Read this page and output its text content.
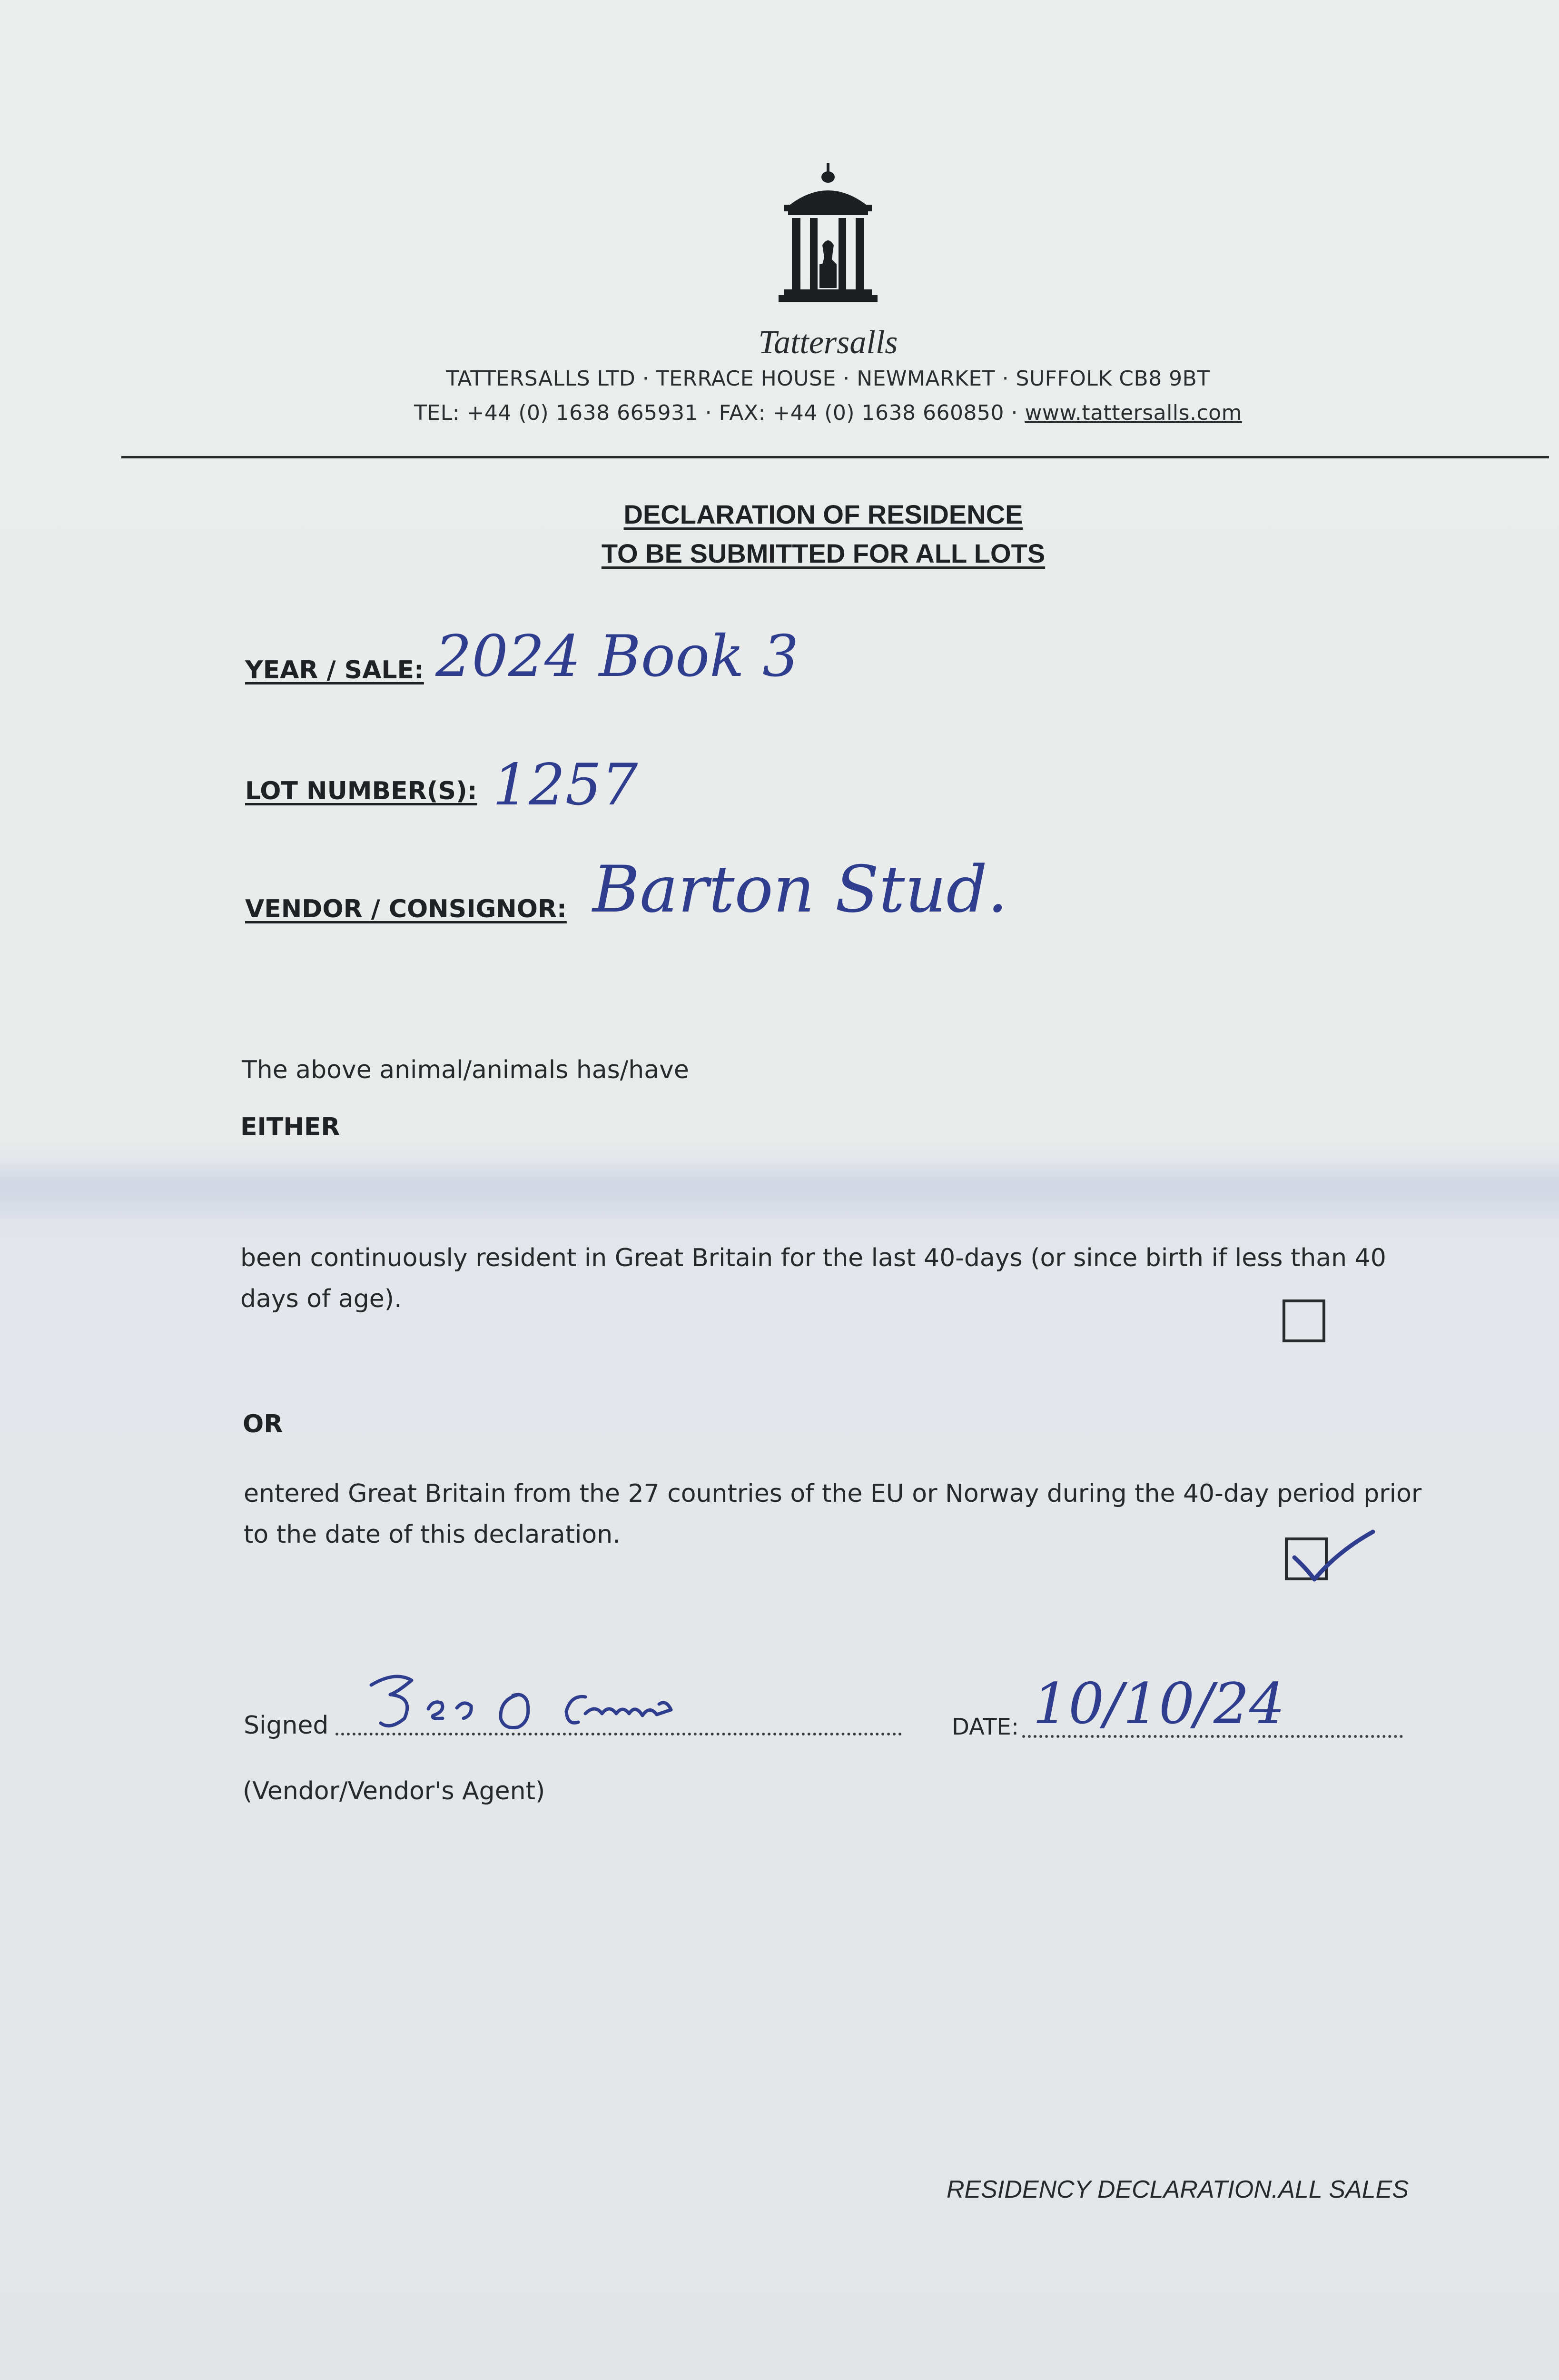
Tattersalls
TATTERSALLS LTD · TERRACE HOUSE · NEWMARKET · SUFFOLK CB8 9BT
TEL: +44 (0) 1638 665931 · FAX: +44 (0) 1638 660850 · www.tattersalls.com
DECLARATION OF RESIDENCE
TO BE SUBMITTED FOR ALL LOTS
YEAR / SALE: 2024 Book 3
LOT NUMBER(S): 1257
VENDOR / CONSIGNOR: Barton Stud.
The above animal/animals has/have
EITHER
been continuously resident in Great Britain for the last 40-days (or since birth if less than 40 days of age).
OR
entered Great Britain from the 27 countries of the EU or Norway during the 40-day period prior to the date of this declaration.
Signed	DATE: 10/10/24
(Vendor/Vendor's Agent)
RESIDENCY DECLARATION.ALL SALES
